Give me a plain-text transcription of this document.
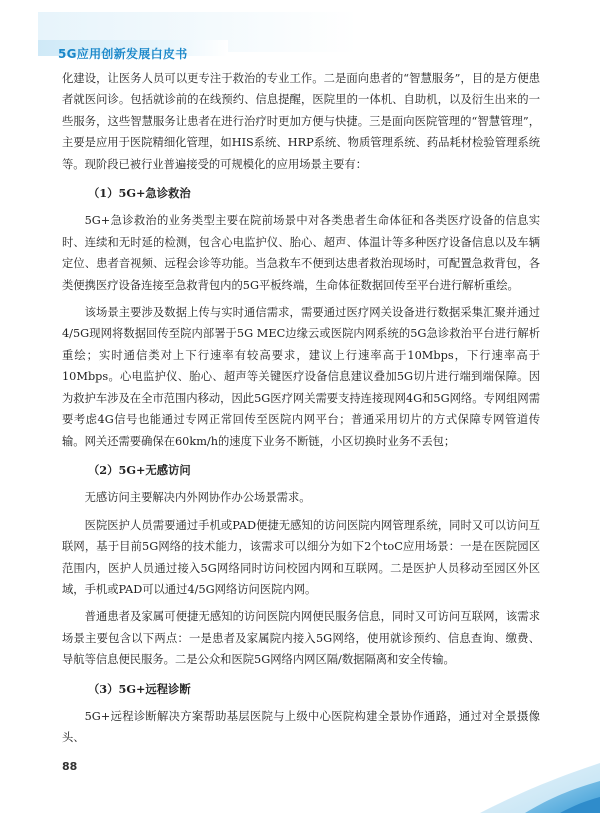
5G应用创新发展白皮书

化建设，让医务人员可以更专注于救治的专业工作。二是面向患者的“智慧服务”，目的是方便患者就医问诊。包括就诊前的在线预约、信息提醒，医院里的一体机、自助机，以及衍生出来的一些服务，这些智慧服务让患者在进行治疗时更加方便与快捷。三是面向医院管理的“智慧管理”，主要是应用于医院精细化管理，如HIS系统、HRP系统、物质管理系统、药品耗材检验管理系统等。现阶段已被行业普遍接受的可规模化的应用场景主要有：

（1）5G+急诊救治

5G+急诊救治的业务类型主要在院前场景中对各类患者生命体征和各类医疗设备的信息实时、连续和无时延的检测，包含心电监护仪、胎心、超声、体温计等多种医疗设备信息以及车辆定位、患者音视频、远程会诊等功能。当急救车不便到达患者救治现场时，可配置急救背包，各类便携医疗设备连接至急救背包内的5G平板终端，生命体征数据回传至平台进行解析重绘。

该场景主要涉及数据上传与实时通信需求，需要通过医疗网关设备进行数据采集汇聚并通过4/5G现网将数据回传至院内部署于5G MEC边缘云或医院内网系统的5G急诊救治平台进行解析重绘；实时通信类对上下行速率有较高要求，建议上行速率高于10Mbps，下行速率高于10Mbps。心电监护仪、胎心、超声等关键医疗设备信息建议叠加5G切片进行端到端保障。因为救护车涉及在全市范围内移动，因此5G医疗网关需要支持连接现网4G和5G网络。专网组网需要考虑4G信号也能通过专网正常回传至医院内网平台；普通采用切片的方式保障专网管道传输。网关还需要确保在60km/h的速度下业务不断链，小区切换时业务不丢包；

（2）5G+无感访问

无感访问主要解决内外网协作办公场景需求。

医院医护人员需要通过手机或PAD便捷无感知的访问医院内网管理系统，同时又可以访问互联网，基于目前5G网络的技术能力，该需求可以细分为如下2个toC应用场景：一是在医院园区范围内，医护人员通过接入5G网络同时访问校园内网和互联网。二是医护人员移动至园区外区域，手机或PAD可以通过4/5G网络访问医院内网。

普通患者及家属可便捷无感知的访问医院内网便民服务信息，同时又可访问互联网，该需求场景主要包含以下两点：一是患者及家属院内接入5G网络，使用就诊预约、信息查询、缴费、导航等信息便民服务。二是公众和医院5G网络内网区隔/数据隔离和安全传输。

（3）5G+远程诊断

5G+远程诊断解决方案帮助基层医院与上级中心医院构建全景协作通路，通过对全景摄像头、

88
